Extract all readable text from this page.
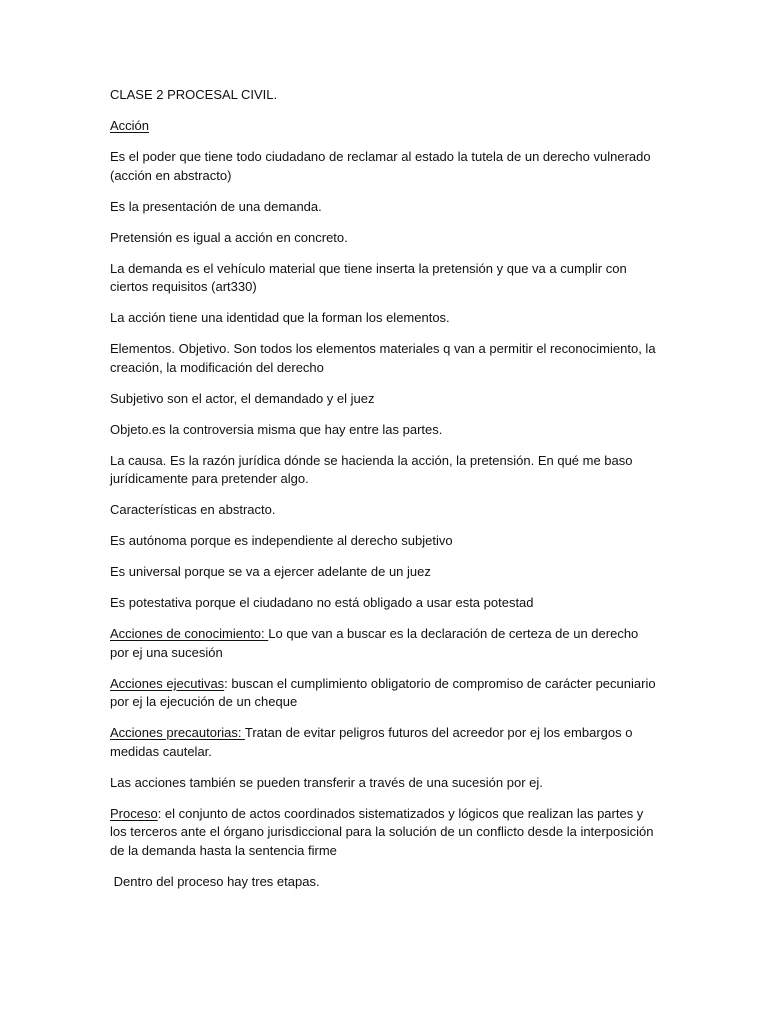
CLASE 2 PROCESAL CIVIL.

Acción

Es el poder que tiene todo ciudadano de reclamar al estado la tutela de un derecho vulnerado (acción en abstracto)

Es la presentación de una demanda.

Pretensión es igual a acción en concreto.

La demanda es el vehículo material que tiene inserta la pretensión y que va a cumplir con ciertos requisitos (art330)

La acción tiene una identidad que la forman los elementos.

Elementos. Objetivo. Son todos los elementos materiales q van a permitir el reconocimiento, la creación, la modificación del derecho

Subjetivo son el actor, el demandado y el juez

Objeto.es la controversia misma que hay entre las partes.

La causa. Es la razón jurídica dónde se hacienda la acción, la pretensión. En qué me baso jurídicamente para pretender algo.

Características en abstracto.

Es autónoma porque es independiente al derecho subjetivo

Es universal porque se va a ejercer adelante de un juez

Es potestativa porque el ciudadano no está obligado a usar esta potestad

Acciones de conocimiento: Lo que van a buscar es la declaración de certeza de un derecho por ej una sucesión

Acciones ejecutivas: buscan el cumplimiento obligatorio de compromiso de carácter pecuniario por ej la ejecución de un cheque

Acciones precautorias: Tratan de evitar peligros futuros del acreedor por ej los embargos o medidas cautelar.

Las acciones también se pueden transferir a través de una sucesión por ej.

Proceso: el conjunto de actos coordinados sistematizados y lógicos que realizan las partes y los terceros ante el órgano jurisdiccional para la solución de un conflicto desde la interposición de la demanda hasta la sentencia firme

Dentro del proceso hay tres etapas.
